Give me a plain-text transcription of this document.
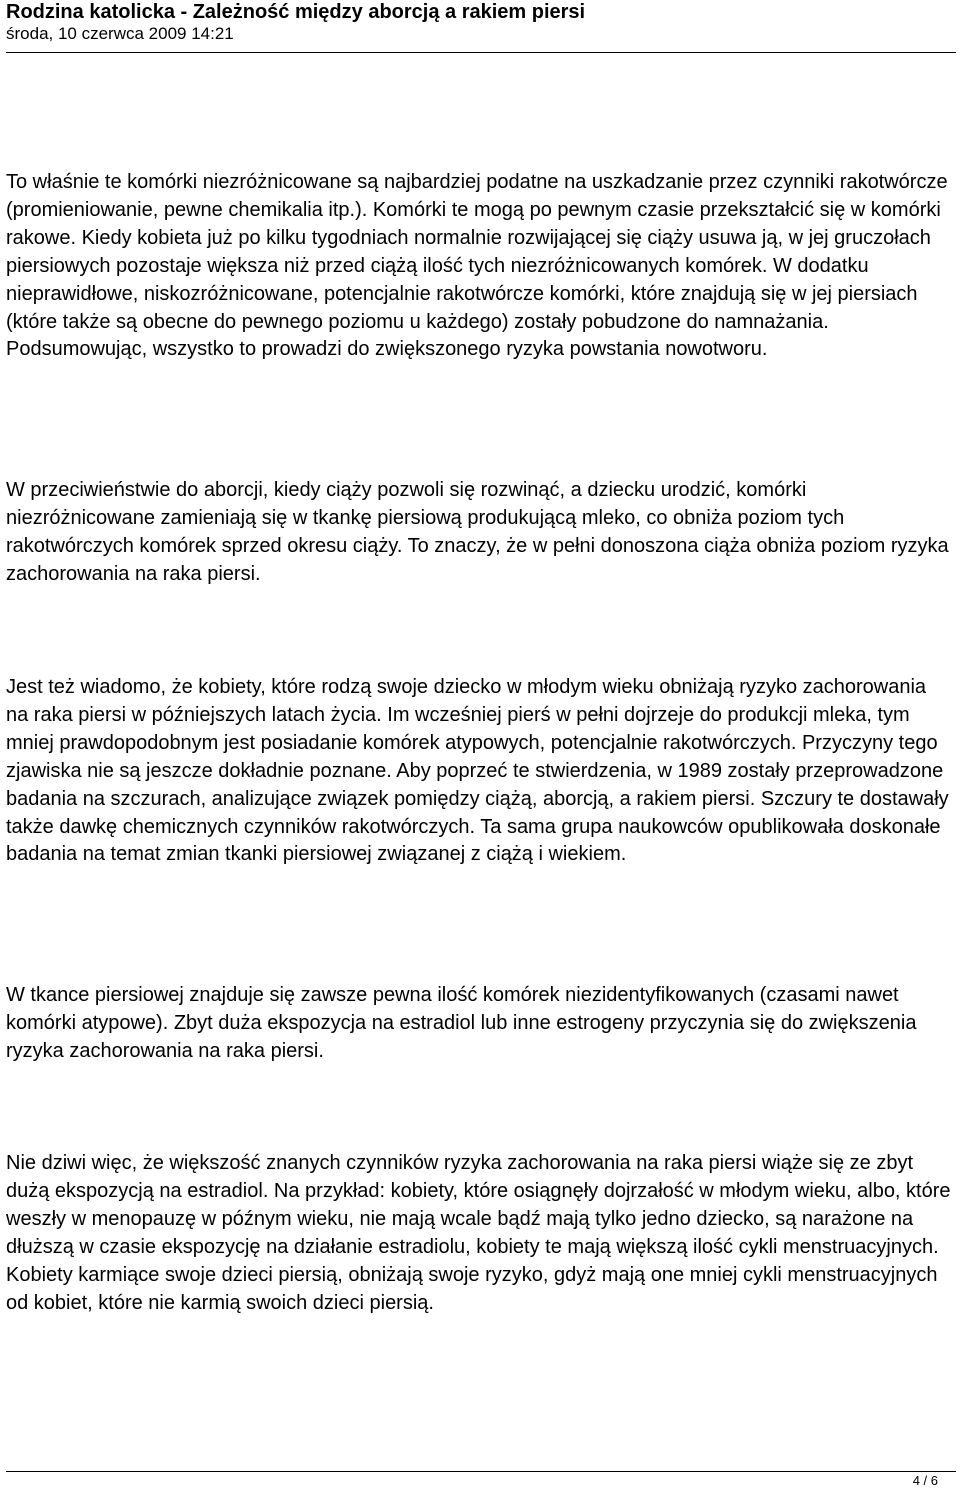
Rodzina katolicka - Zależność między aborcją a rakiem piersi
środa, 10 czerwca 2009 14:21

To właśnie te komórki niezróżnicowane są najbardziej podatne na uszkadzanie przez czynniki rakotwórcze (promieniowanie, pewne chemikalia itp.). Komórki te mogą po pewnym czasie przekształcić się w komórki rakowe. Kiedy kobieta już po kilku tygodniach normalnie rozwijającej się ciąży usuwa ją, w jej gruczołach piersiowych pozostaje większa niż przed ciążą ilość tych niezróżnicowanych komórek. W dodatku nieprawidłowe, niskozróżnicowane, potencjalnie rakotwórcze komórki, które znajdują się w jej piersiach (które także są obecne do pewnego poziomu u każdego) zostały pobudzone do namnażania. Podsumowując, wszystko to prowadzi do zwiększonego ryzyka powstania nowotworu.

W przeciwieństwie do aborcji, kiedy ciąży pozwoli się rozwinąć, a dziecku urodzić, komórki niezróżnicowane zamieniają się w tkankę piersiową produkującą mleko, co obniża poziom tych rakotwórczych komórek sprzed okresu ciąży. To znaczy, że w pełni donoszona ciąża obniża poziom ryzyka zachorowania na raka piersi.

Jest też wiadomo, że kobiety, które rodzą swoje dziecko w młodym wieku obniżają ryzyko zachorowania na raka piersi w późniejszych latach życia. Im wcześniej pierś w pełni dojrzeje do produkcji mleka, tym mniej prawdopodobnym jest posiadanie komórek atypowych, potencjalnie rakotwórczych. Przyczyny tego zjawiska nie są jeszcze dokładnie poznane. Aby poprzeć te stwierdzenia, w 1989 zostały przeprowadzone badania na szczurach, analizujące związek pomiędzy ciążą, aborcją, a rakiem piersi. Szczury te dostawały także dawkę chemicznych czynników rakotwórczych. Ta sama grupa naukowców opublikowała doskonałe badania na temat zmian tkanki piersiowej związanej z ciążą i wiekiem.

W tkance piersiowej znajduje się zawsze pewna ilość komórek niezidentyfikowanych (czasami nawet komórki atypowe). Zbyt duża ekspozycja na estradiol lub inne estrogeny przyczynia się do zwiększenia ryzyka zachorowania na raka piersi.

Nie dziwi więc, że większość znanych czynników ryzyka zachorowania na raka piersi wiąże się ze zbyt dużą ekspozycją na estradiol. Na przykład: kobiety, które osiągnęły dojrzałość w młodym wieku, albo, które weszły w menopauzę w późnym wieku, nie mają wcale bądź mają tylko jedno dziecko, są narażone na dłuższą w czasie ekspozycję na działanie estradiolu, kobiety te mają większą ilość cykli menstruacyjnych. Kobiety karmiące swoje dzieci piersią, obniżają swoje ryzyko, gdyż mają one mniej cykli menstruacyjnych od kobiet, które nie karmią swoich dzieci piersią.

4 / 6
